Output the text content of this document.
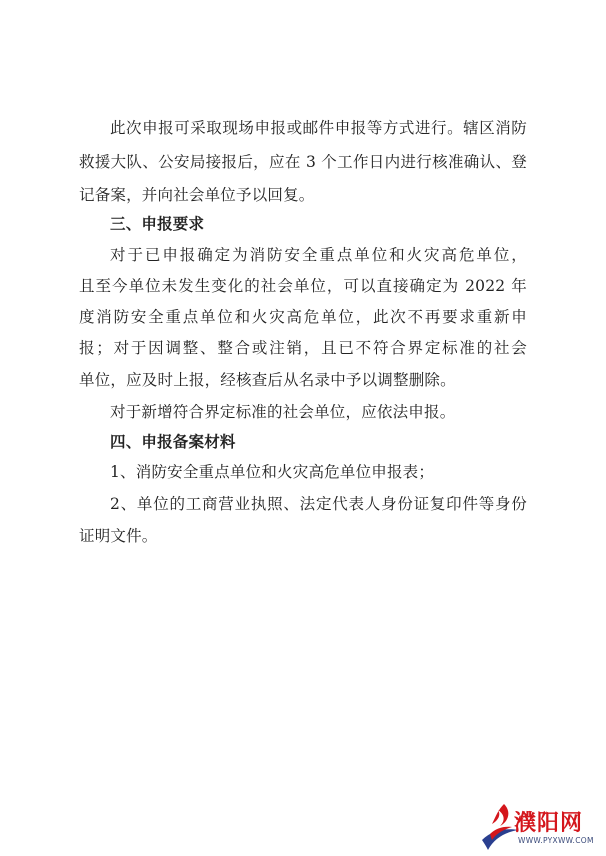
此次申报可采取现场申报或邮件申报等方式进行。辖区消防
救援大队、公安局接报后，应在 3 个工作日内进行核准确认、登
记备案，并向社会单位予以回复。
三、申报要求
对于已申报确定为消防安全重点单位和火灾高危单位，
且至今单位未发生变化的社会单位，可以直接确定为 2022 年
度消防安全重点单位和火灾高危单位，此次不再要求重新申
报；对于因调整、整合或注销，且已不符合界定标准的社会
单位，应及时上报，经核查后从名录中予以调整删除。
对于新增符合界定标准的社会单位，应依法申报。
四、申报备案材料
1、消防安全重点单位和火灾高危单位申报表；
2、单位的工商营业执照、法定代表人身份证复印件等身份
证明文件。
濮阳网
WWW.PYXWW.COM
